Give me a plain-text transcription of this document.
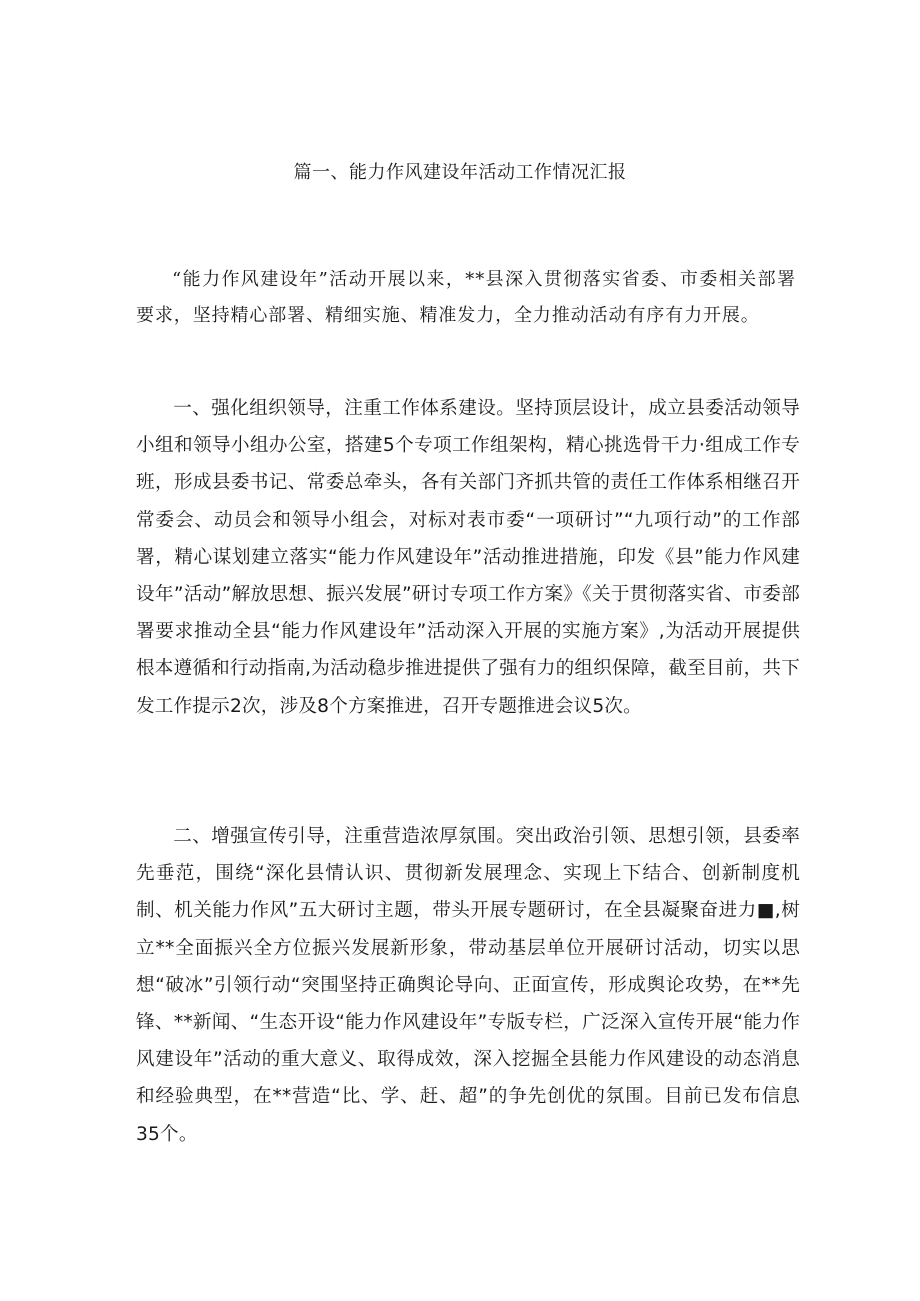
篇一、能力作风建设年活动工作情况汇报

“能力作风建设年”活动开展以来，**县深入贯彻落实省委、市委相关部署要求，坚持精心部署、精细实施、精准发力，全力推动活动有序有力开展。

一、强化组织领导，注重工作体系建设。坚持顶层设计，成立县委活动领导小组和领导小组办公室，搭建5个专项工作组架构，精心挑选骨干力·组成工作专班，形成县委书记、常委总牵头，各有关部门齐抓共管的责任工作体系相继召开常委会、动员会和领导小组会，对标对表市委“一项研讨”“九项行动”的工作部署，精心谋划建立落实“能力作风建设年”活动推进措施，印发《县”能力作风建设年”活动”解放思想、振兴发展”研讨专项工作方案》《关于贯彻落实省、市委部署要求推动全县“能力作风建设年”活动深入开展的实施方案》,为活动开展提供根本遵循和行动指南,为活动稳步推进提供了强有力的组织保障，截至目前，共下发工作提示2次，涉及8个方案推进，召开专题推进会议5次。

二、增强宣传引导，注重营造浓厚氛围。突出政治引领、思想引领，县委率先垂范，围绕“深化县情认识、贯彻新发展理念、实现上下结合、创新制度机制、机关能力作风”五大研讨主题，带头开展专题研讨，在全县凝聚奋进力■,树立**全面振兴全方位振兴发展新形象，带动基层单位开展研讨活动，切实以思想“破冰”引领行动“突围坚持正确舆论导向、正面宣传，形成舆论攻势，在**先锋、**新闻、“生态开设“能力作风建设年”专版专栏，广泛深入宣传开展“能力作风建设年”活动的重大意义、取得成效，深入挖掘全县能力作风建设的动态消息和经验典型，在**营造“比、学、赶、超”的争先创优的氛围。目前已发布信息35个。
